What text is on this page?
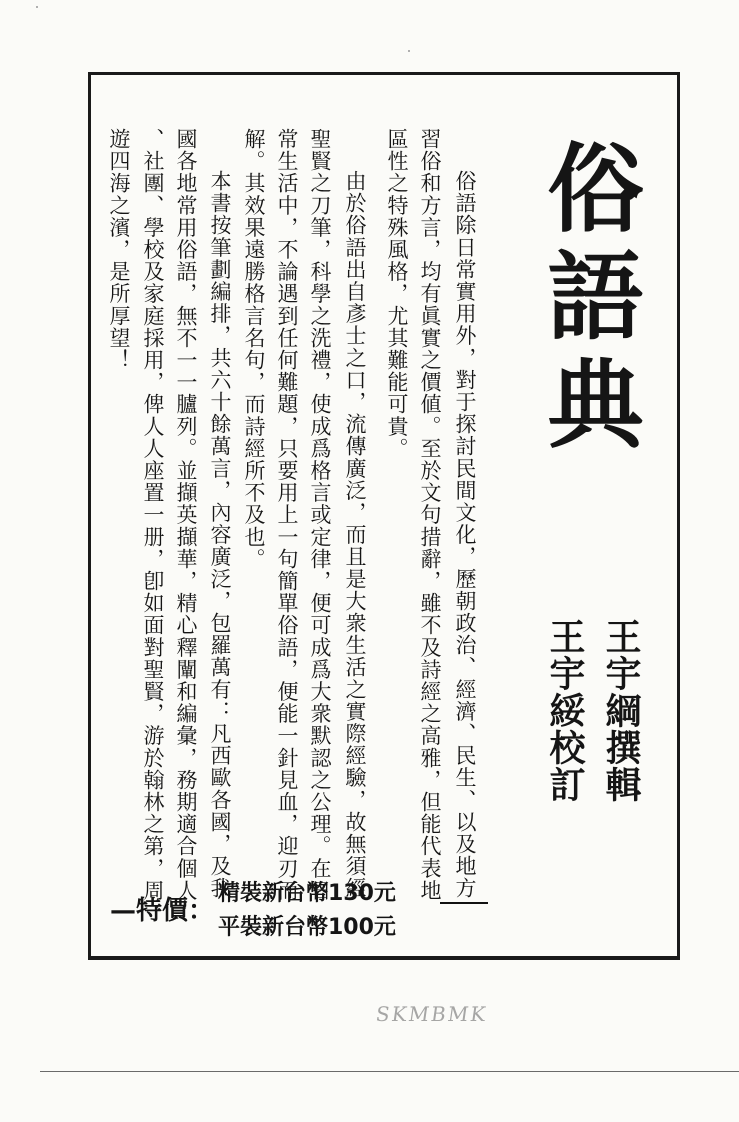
俗語典
王宇綱撰輯
王宇綏校訂
俗語除日常實用外，對于探討民間文化，歷朝政治、經濟、民生、以及地方
習俗和方言，均有眞實之價値。至於文句措辭，雖不及詩經之高雅，但能代表地
區性之特殊風格，尤其難能可貴。
由於俗語出自彥士之口，流傳廣泛，而且是大衆生活之實際經驗，故無須經
聖賢之刀筆，科學之洗禮，使成爲格言或定律，便可成爲大衆默認之公理。在日
常生活中，不論遇到任何難題，只要用上一句簡單俗語，便能一針見血，迎刃而
解。其效果遠勝格言名句，而詩經所不及也。
本書按筆劃編排，共六十餘萬言，內容廣泛，包羅萬有：凡西歐各國，及我
國各地常用俗語，無不一一臚列。並擷英擷華，精心釋闡和編彙，務期適合個人
、社團、學校及家庭採用，俾人人座置一册，卽如面對聖賢，游於翰林之第，周
遊四海之濱，是所厚望！
—特價：
精裝新台幣130元
平裝新台幣100元
SKMBMK
